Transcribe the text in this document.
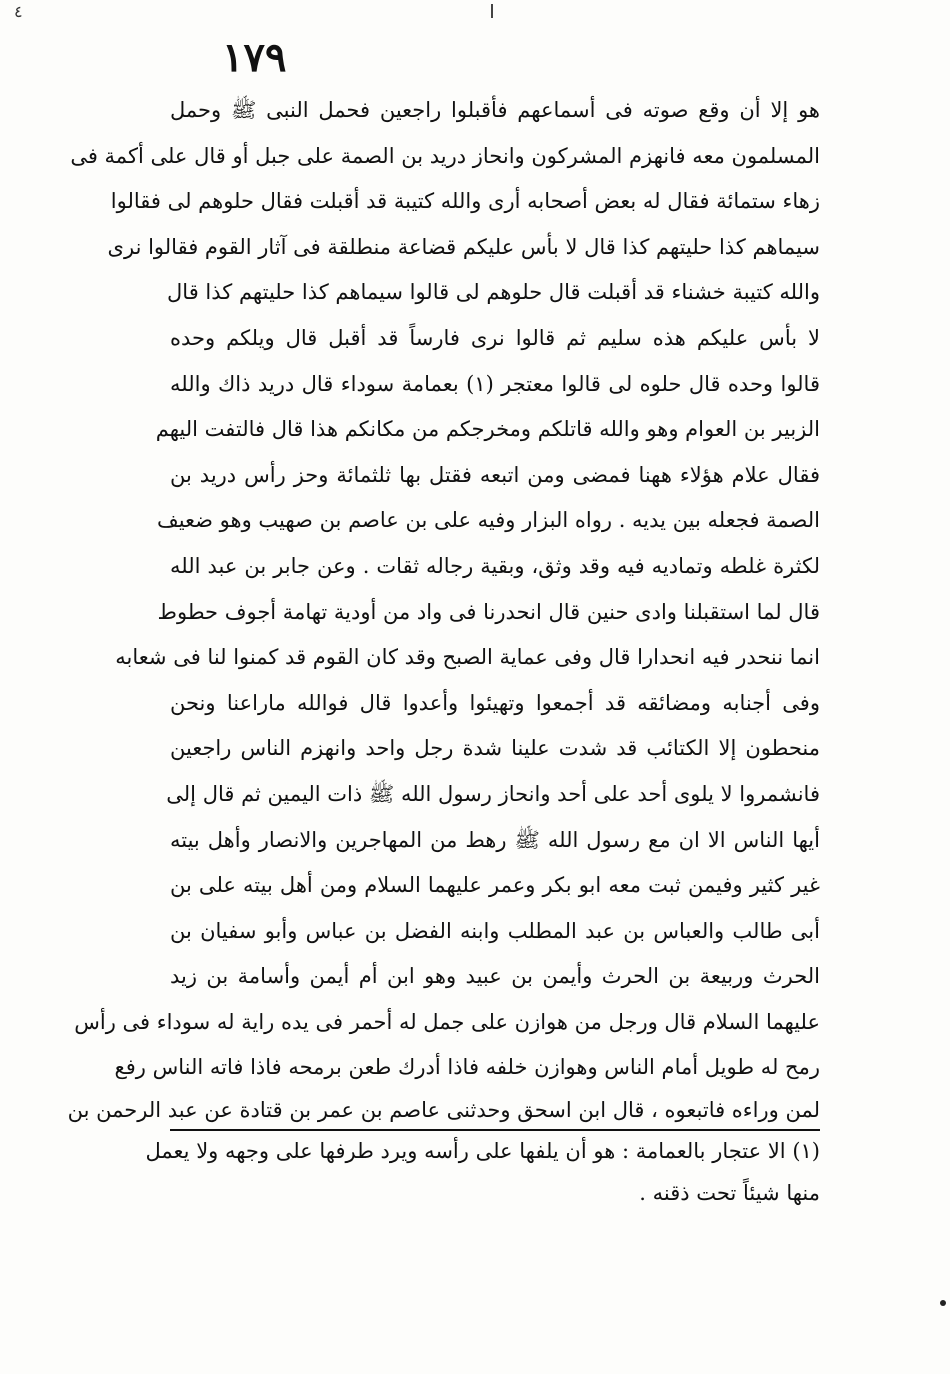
٤
١٧٩
هو إلا أن وقع صوته فى أسماعهم فأقبلوا راجعين فحمل النبى ﷺ وحمل
المسلمون معه فانهزم المشركون وانحاز دريد بن الصمة على جبل أو قال على أكمة فى
زهاء ستمائة فقال له بعض أصحابه أرى والله كتيبة قد أقبلت فقال حلوهم لى فقالوا
سيماهم كذا حليتهم كذا قال لا بأس عليكم قضاعة منطلقة فى آثار القوم فقالوا نرى
والله كتيبة خشناء قد أقبلت قال حلوهم لى قالوا سيماهم كذا حليتهم كذا قال
لا بأس عليكم هذه سليم ثم قالوا نرى فارساً قد أقبل قال ويلكم وحده
قالوا وحده قال حلوه لى قالوا معتجر (١) بعمامة سوداء قال دريد ذاك والله
الزبير بن العوام وهو والله قاتلكم ومخرجكم من مكانكم هذا قال فالتفت اليهم
فقال علام هؤلاء ههنا فمضى ومن اتبعه فقتل بها ثلثمائة وحز رأس دريد بن
الصمة فجعله بين يديه . رواه البزار وفيه على بن عاصم بن صهيب وهو ضعيف
لكثرة غلطه وتماديه فيه وقد وثق، وبقية رجاله ثقات . وعن جابر بن عبد الله
قال لما استقبلنا وادى حنين قال انحدرنا فى واد من أودية تهامة أجوف حطوط
انما ننحدر فيه انحدارا قال وفى عماية الصبح وقد كان القوم قد كمنوا لنا فى شعابه
وفى أجنابه ومضائقه قد أجمعوا وتهيئوا وأعدوا قال فوالله ماراعنا ونحن
منحطون إلا الكتائب قد شدت علينا شدة رجل واحد وانهزم الناس راجعين
فانشمروا لا يلوى أحد على أحد وانحاز رسول الله ﷺ ذات اليمين ثم قال إلى
أيها الناس الا ان مع رسول الله ﷺ رهط من المهاجرين والانصار وأهل بيته
غير كثير وفيمن ثبت معه ابو بكر وعمر عليهما السلام ومن أهل بيته على بن
أبى طالب والعباس بن عبد المطلب وابنه الفضل بن عباس وأبو سفيان بن
الحرث وربيعة بن الحرث وأيمن بن عبيد وهو ابن أم أيمن وأسامة بن زيد
عليهما السلام قال ورجل من هوازن على جمل له أحمر فى يده راية له سوداء فى رأس
رمح له طويل أمام الناس وهوازن خلفه فاذا أدرك طعن برمحه فاذا فاته الناس رفع
لمن وراءه فاتبعوه ، قال ابن اسحق وحدثنى عاصم بن عمر بن قتادة عن عبد الرحمن بن
(١) الا عتجار بالعمامة : هو أن يلفها على رأسه ويرد طرفها على وجهه ولا يعمل
منها شيئاً تحت ذقنه .
